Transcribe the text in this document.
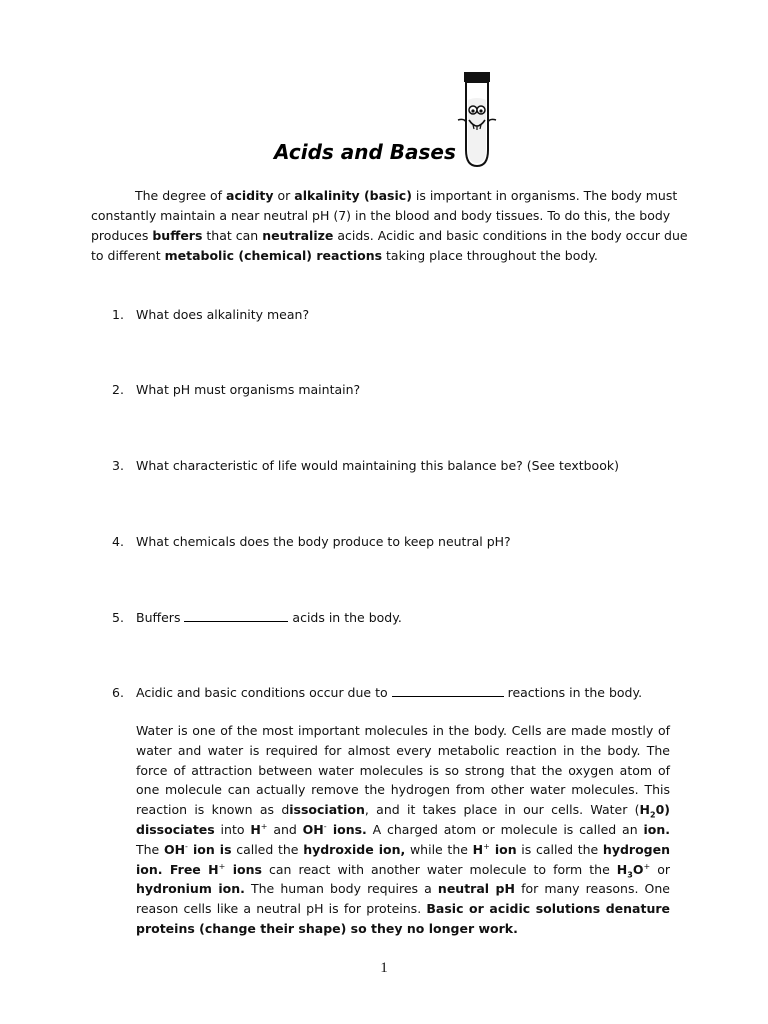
Acids and Bases
The degree of acidity or alkalinity (basic) is important in organisms. The body must constantly maintain a near neutral pH (7) in the blood and body tissues. To do this, the body produces buffers that can neutralize acids. Acidic and basic conditions in the body occur due to different metabolic (chemical) reactions taking place throughout the body.
1. What does alkalinity mean?
2. What pH must organisms maintain?
3. What characteristic of life would maintaining this balance be? (See textbook)
4. What chemicals does the body produce to keep neutral pH?
5. Buffers	acids in the body.
6. Acidic and basic conditions occur due to	reactions in the body.
Water is one of the most important molecules in the body. Cells are made mostly of water and water is required for almost every metabolic reaction in the body. The force of attraction between water molecules is so strong that the oxygen atom of one molecule can actually remove the hydrogen from other water molecules. This reaction is known as dissociation, and it takes place in our cells. Water $(H_20)$ dissociates into H+ and OH- ions. A charged atom or molecule is called an ion. The OH- ion is called the hydroxide ion, while the H+ ion is called the hydrogen ion. Free H+ ions can react with another water molecule to form the $H_3O^+$ or hydronium ion. The human body requires a neutral pH for many reasons. One reason cells like a neutral pH is for proteins. Basic or acidic solutions denature proteins (change their shape) so they no longer work.
1
